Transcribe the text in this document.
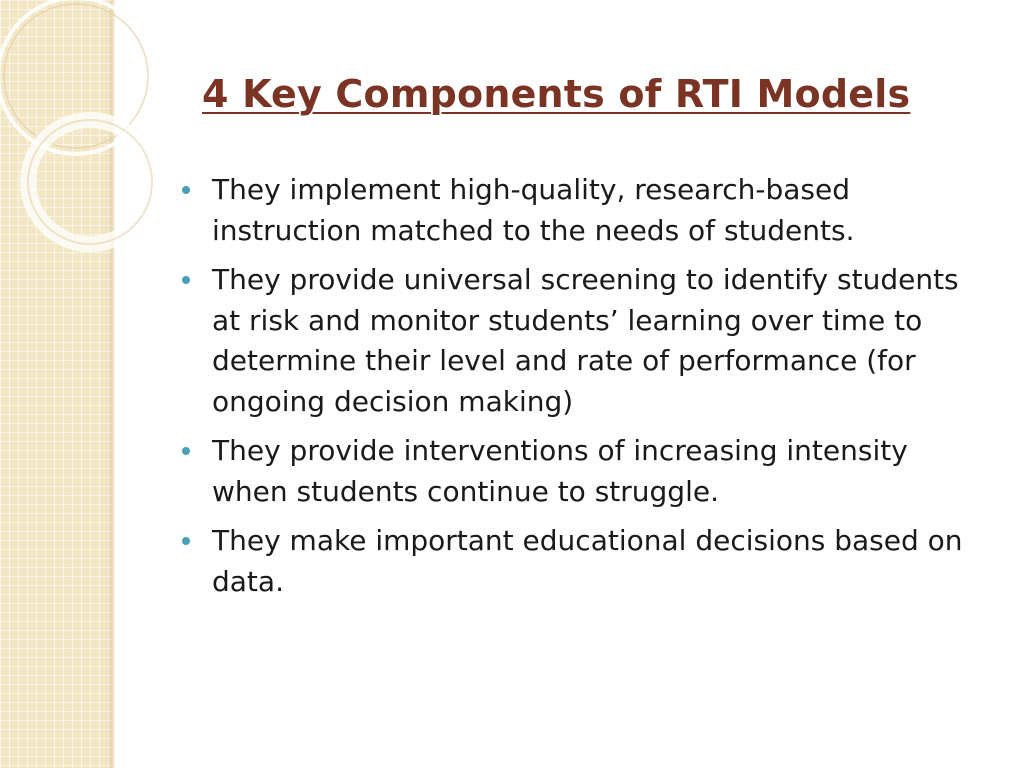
4 Key Components of RTI Models
They implement high-quality, research-based instruction matched to the needs of students.
They provide universal screening to identify students at risk and monitor students’ learning over time to determine their level and rate of performance (for ongoing decision making)
They provide interventions of increasing intensity when students continue to struggle.
They make important educational decisions based on data.
